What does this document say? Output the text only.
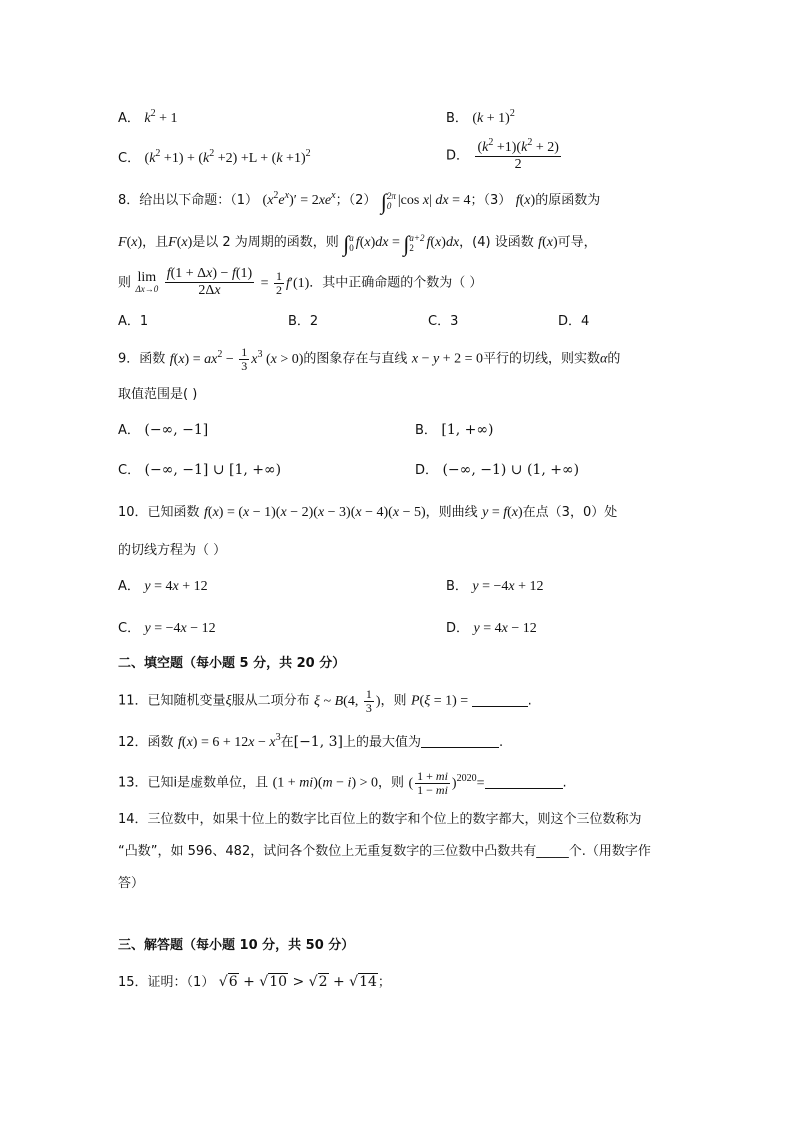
A． $k^2 + 1$	B． $(k + 1)^2$
C． $(k^2 +1) + (k^2 +2) +L + (k +1)^2$	D． $\frac{(k^2 +1)(k^2 + 2)}{2}$
8．给出以下命题：（1） $(x^2e^x)' = 2xe^x$；（2） ∫ 2π
0 |cos x| dx = 4；（3） f(x)的原函数为
F(x)，且F(x)是以 2 为周期的函数，则 ∫ a
0 f(x)dx = ∫ a+2
2 f(x)dx，(4) 设函数 f(x)可导，
则 lim
Δx→0
$\frac{f(1 + \Delta x) - f(1)}{2\Delta x} = \frac{1}{2} f'(1)$．其中正确命题的个数为（ ）
A．1	B．2	C．3	D．4
9．函数 $f(x) = ax^2 - \frac{1}{3} x^3$ (x > 0)的图象存在与直线 x − y + 2 = 0平行的切线，则实数α的
取值范围是( )
A． (−∞, −1]	B． [1, +∞)
C． (−∞, −1] ∪ [1, +∞)	D． (−∞, −1) ∪ (1, +∞)
10．已知函数 f(x) = (x − 1)(x − 2)(x − 3)(x − 4)(x − 5)，则曲线 y = f(x)在点（3，0）处
的切线方程为（ ）
A． y = 4x + 12	B． y = −4x + 12
C． y = −4x − 12	D． y = 4x − 12
二、填空题（每小题 5 分，共 20 分）
11．已知随机变量ξ服从二项分布 ξ ~ B(4, $\frac{1}{3}$ )，则 P(ξ = 1) =	.
12．函数 $f(x) = 6 + 12x - x^3$在[−1, 3]上的最大值为	.
13．已知i是虚数单位，且 (1 + mi)(m − i) > 0，则 ( $\frac{1 + mi}{1 - mi} )^{2020}=$	.
14．三位数中，如果十位上的数字比百位上的数字和个位上的数字都大，则这个三位数称为
“凸数”，如 596、482，试问各个数位上无重复数字的三位数中凸数共有_____个.（用数字作
答）
三、解答题（每小题 10 分，共 50 分）
15．证明：（1） √6 + √10 > √2 + √14；
